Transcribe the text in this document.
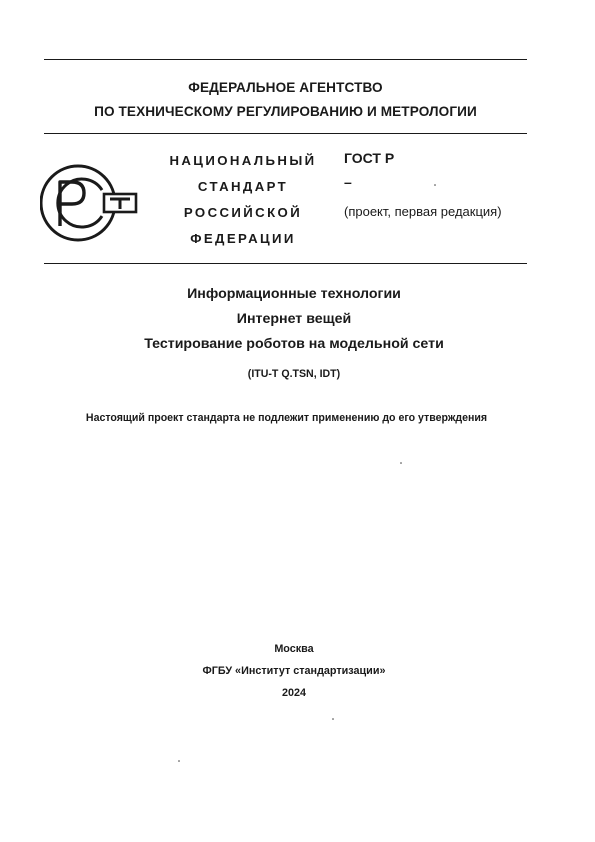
ФЕДЕРАЛЬНОЕ АГЕНТСТВО
ПО ТЕХНИЧЕСКОМУ РЕГУЛИРОВАНИЮ И МЕТРОЛОГИИ
НАЦИОНАЛЬНЫЙ
СТАНДАРТ
РОССИЙСКОЙ
ФЕДЕРАЦИИ
ГОСТ Р
–
(проект, первая редакция)
Информационные технологии
Интернет вещей
Тестирование роботов на модельной сети
(ITU-T Q.TSN, IDT)
Настоящий проект стандарта не подлежит применению до его утверждения
Москва
ФГБУ «Институт стандартизации»
2024
